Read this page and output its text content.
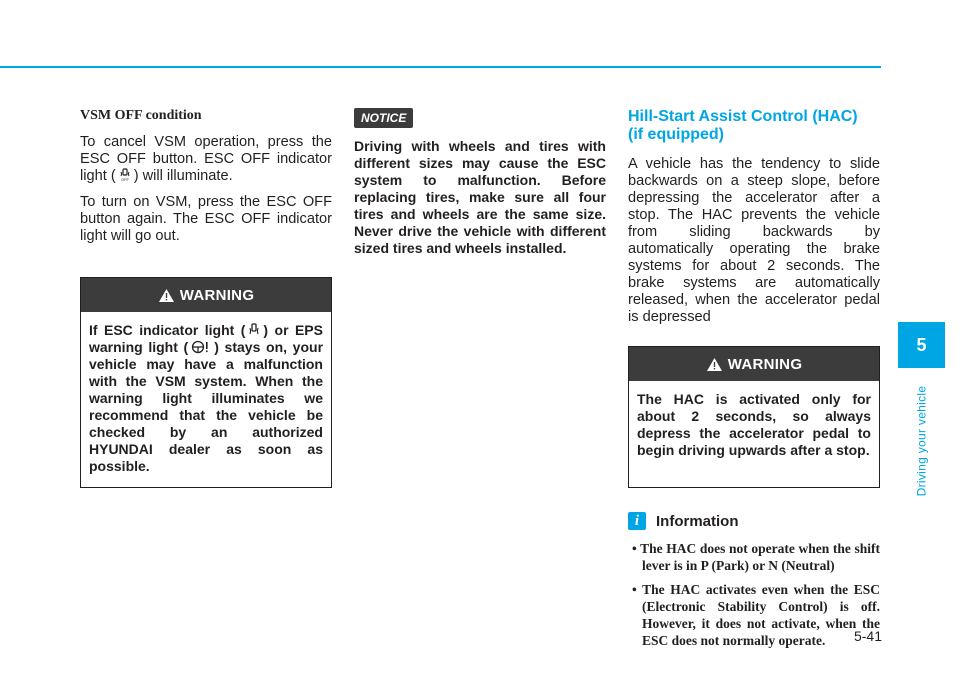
VSM OFF condition

To cancel VSM operation, press the ESC OFF button. ESC OFF indicator light ( OFF ) will illuminate.

To turn on VSM, press the ESC OFF button again. The ESC OFF indicator light will go out.

WARNING
If ESC indicator light ( ) or EPS warning light ( ) stays on, your vehicle may have a malfunction with the VSM system. When the warning light illuminates we recommend that the vehicle be checked by an authorized HYUNDAI dealer as soon as possible.
NOTICE

Driving with wheels and tires with different sizes may cause the ESC system to malfunction. Before replacing tires, make sure all four tires and wheels are the same size. Never drive the vehicle with different sized tires and wheels installed.

Hill-Start Assist Control (HAC)
(if equipped)

A vehicle has the tendency to slide backwards on a steep slope, before depressing the accelerator after a stop. The HAC prevents the vehicle from sliding backwards by automatically operating the brake systems for about 2 seconds. The brake systems are automatically released, when the accelerator pedal is depressed

WARNING
The HAC is activated only for about 2 seconds, so always depress the accelerator pedal to begin driving upwards after a stop.
i	Information
• The HAC does not operate when the shift lever is in P (Park) or N (Neutral)
• The HAC activates even when the ESC (Electronic Stability Control) is off. However, it does not activate, when the ESC does not normally operate.
5
Driving your vehicle
5-41
